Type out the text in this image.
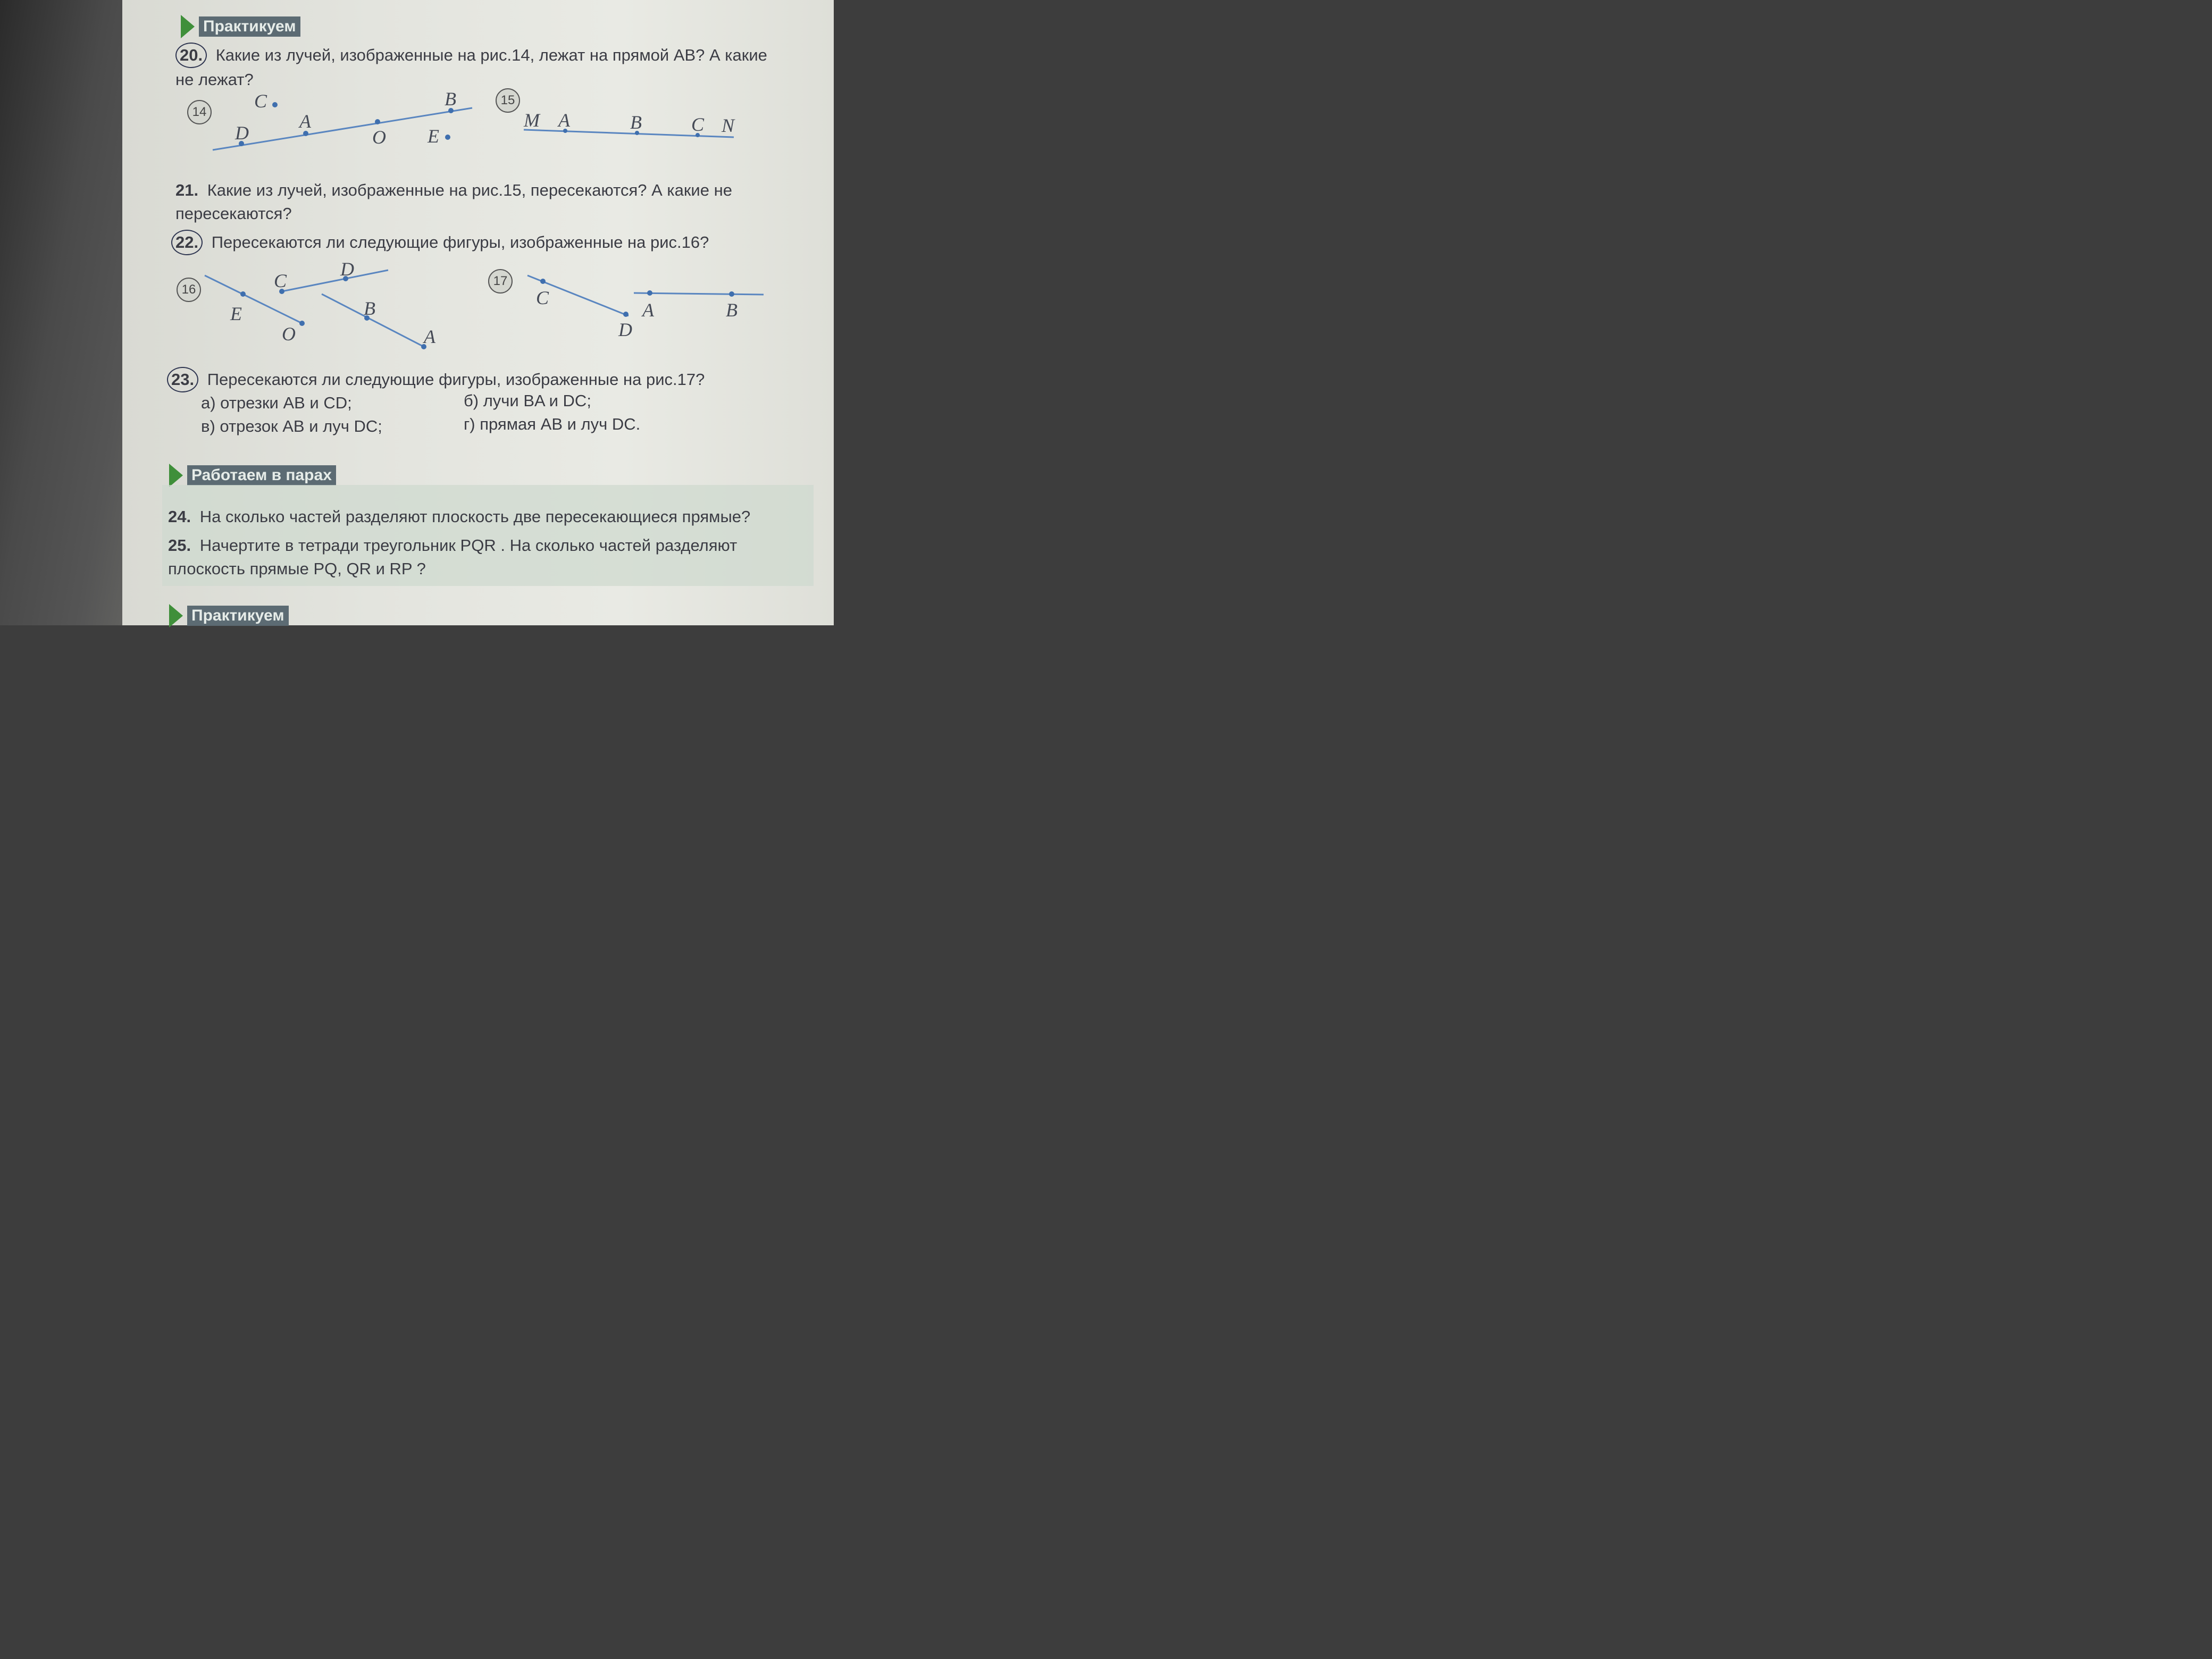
Практикуем
20. Какие из лучей, изображенные на рис.14, лежат на прямой AB? А какие не лежат?
14
15
16
17
C	B
A
D	O E
M A	B	C N
C
D
E
O
B
A
C
A	B
D
21. Какие из лучей, изображенные на рис.15, пересекаются? А какие не пересекаются?
22. Пересекаются ли следующие фигуры, изображенные на рис.16?
23. Пересекаются ли следующие фигуры, изображенные на рис.17?
а) отрезки AB и CD;	б) лучи BA и DC;
в) отрезок AB и луч DC;	г) прямая AB и луч DC.
Работаем в парах
24. На сколько частей разделяют плоскость две пересекающиеся прямые?
25. Начертите в тетради треугольник PQR . На сколько частей разделяют плоскость прямые PQ, QR и RP ?
Практикуем
